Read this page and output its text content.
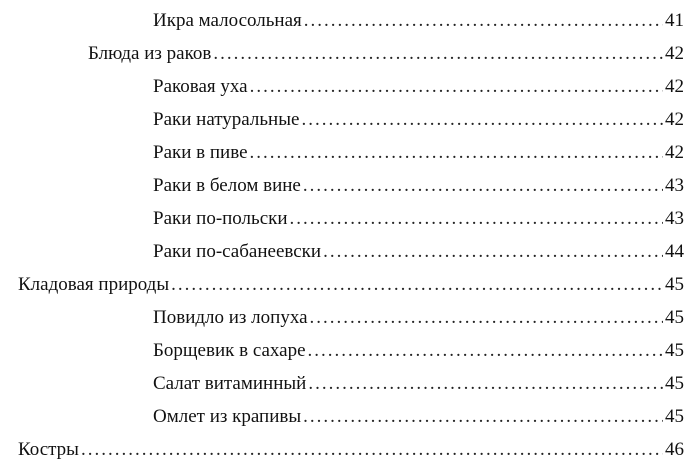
Икра малосольная .....	41
Блюда из раков .....	42
Раковая уха .....	42
Раки натуральные .....	42
Раки в пиве .....	42
Раки в белом вине .....	43
Раки по-польски .....	43
Раки по-сабанеевски .....	44
Кладовая природы .....	45
Повидло из лопуха .....	45
Борщевик в сахаре .....	45
Салат витаминный .....	45
Омлет из крапивы .....	45
Костры .....	46
